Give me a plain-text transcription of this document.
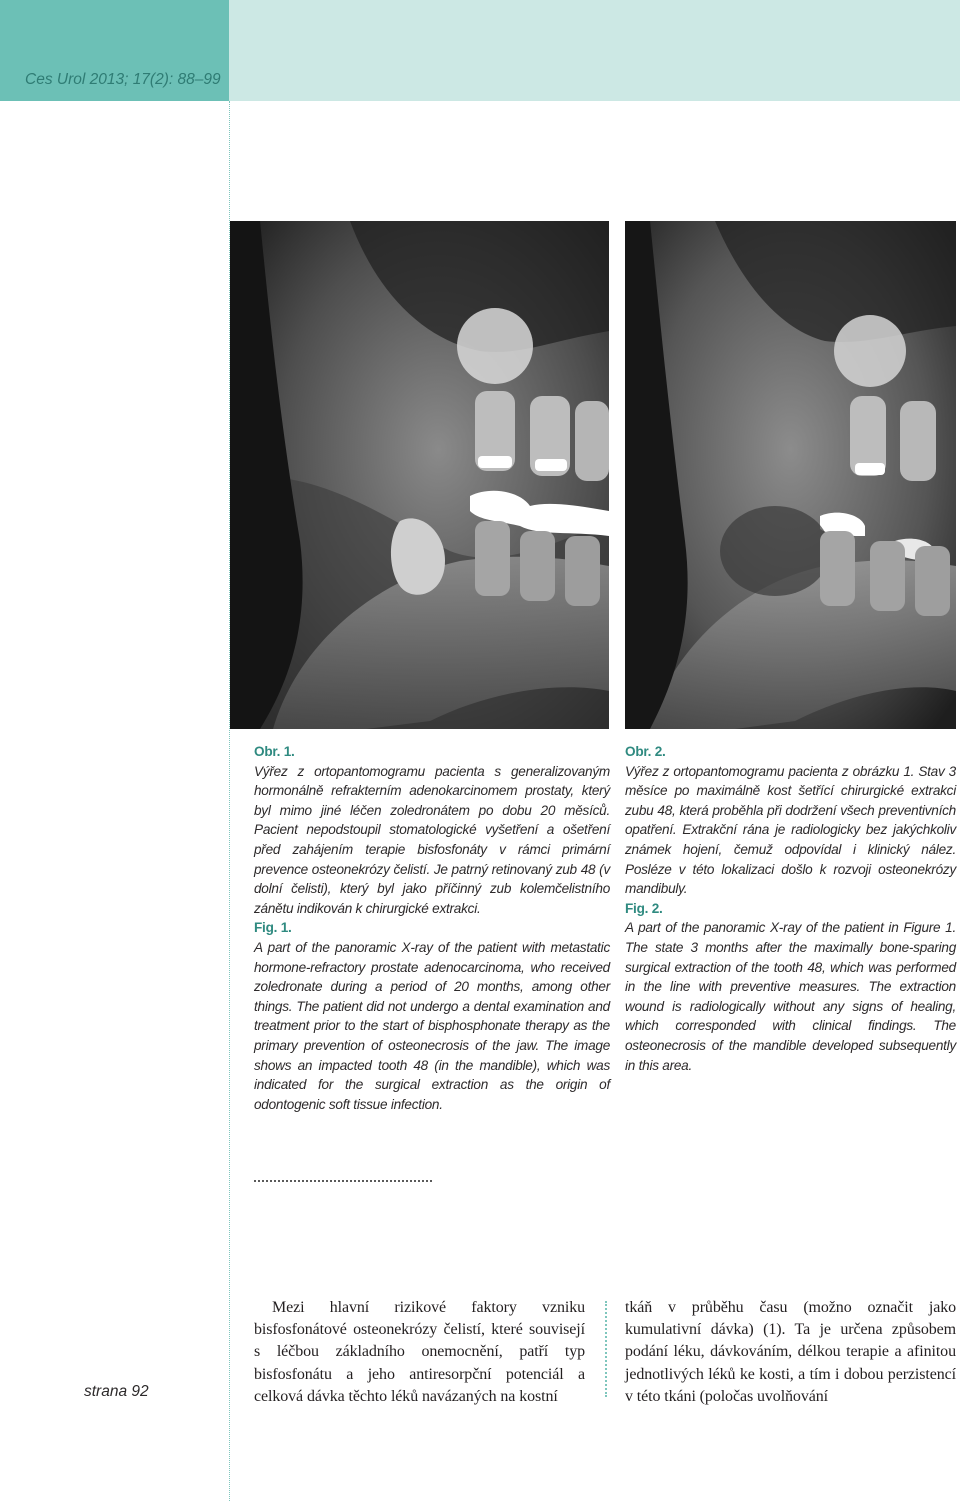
Ces Urol 2013; 17(2): 88–99
Obr. 1.

Výřez z ortopantomogramu pacienta s generalizovaným hormonálně refrakterním adenokarcinomem prostaty, který byl mimo jiné léčen zoledronátem po dobu 20 měsíců. Pacient nepodstoupil stomatologické vyšetření a ošetření před zahájením terapie bisfosfonáty v rámci primární prevence osteonekrózy čelistí. Je patrný retinovaný zub 48 (v dolní čelisti), který byl jako příčinný zub kolemčelistního zánětu indikován k chirurgické extrakci.

Fig. 1.

A part of the panoramic X-ray of the patient with metastatic hormone-refractory prostate adenocarcinoma, who received zoledronate during a period of 20 months, among other things. The patient did not undergo a dental examination and treatment prior to the start of bisphosphonate therapy as the primary prevention of osteonecrosis of the jaw. The image shows an impacted tooth 48 (in the mandible), which was indicated for the surgical extraction as the origin of odontogenic soft tissue infection.

Obr. 2.

Výřez z ortopantomogramu pacienta z obrázku 1. Stav 3 měsíce po maximálně kost šetřící chirurgické extrakci zubu 48, která proběhla při dodržení všech preventivních opatření. Extrakční rána je radiologicky bez jakýchkoliv známek hojení, čemuž odpovídal i klinický nález. Posléze v této lokalizaci došlo k rozvoji osteonekrózy mandibuly.

Fig. 2.

A part of the panoramic X-ray of the patient in Figure 1. The state 3 months after the maximally bone-sparing surgical extraction of the tooth 48, which was performed in the line with preventive measures. The extraction wound is radiologically without any signs of healing, which corresponded with clinical findings. The osteonecrosis of the mandible developed subsequently in this area.

strana 92

Mezi hlavní rizikové faktory vzniku bisfosfonátové osteonekrózy čelistí, které souvisejí s léčbou základního onemocnění, patří typ bisfosfonátu a jeho antiresorpční potenciál a celková dávka těchto léků navázaných na kostní

tkáň v průběhu času (možno označit jako kumulativní dávka) (1). Ta je určena způsobem podání léku, dávkováním, délkou terapie a afinitou jednotlivých léků ke kosti, a tím i dobou perzistencí v této tkáni (poločas uvolňování
